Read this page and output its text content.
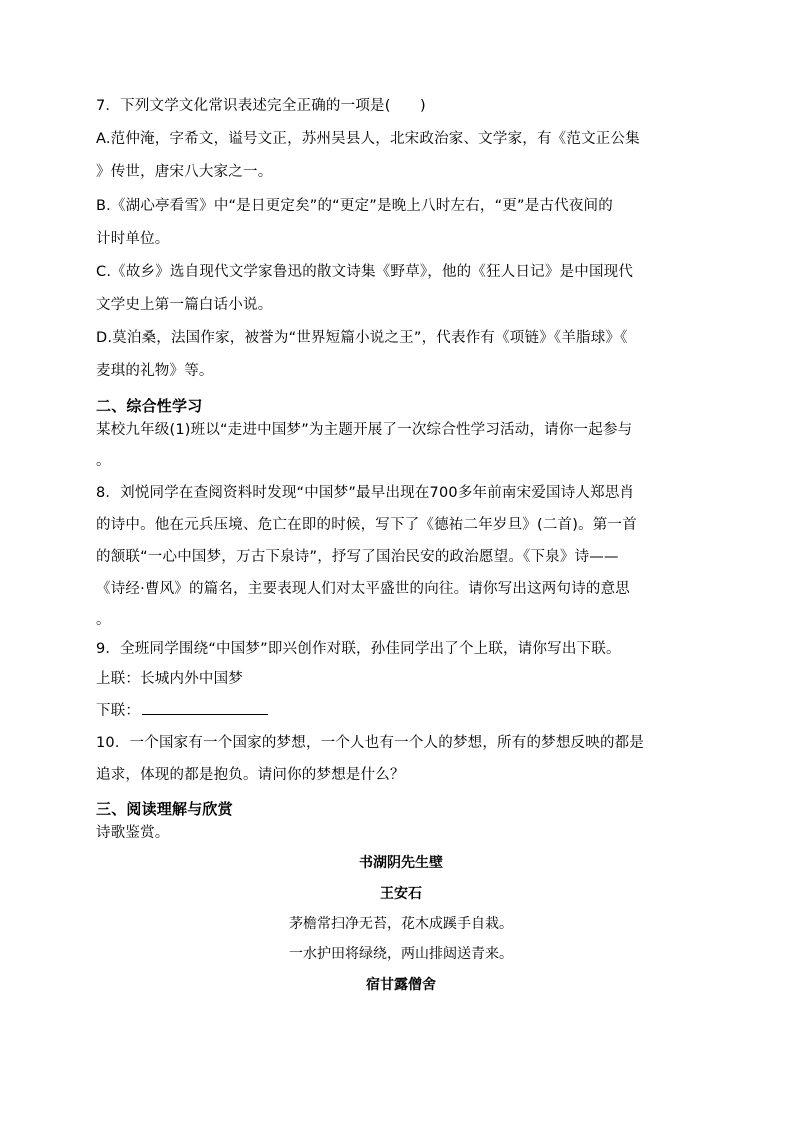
7．下列文学文化常识表述完全正确的一项是(　　)
A.范仲淹，字希文，谥号文正，苏州吴县人，北宋政治家、文学家，有《范文正公集
》传世，唐宋八大家之一。
B.《湖心亭看雪》中“是日更定矣”的“更定”是晚上八时左右，“更”是古代夜间的
计时单位。
C.《故乡》选自现代文学家鲁迅的散文诗集《野草》，他的《狂人日记》是中国现代
文学史上第一篇白话小说。
D.莫泊桑，法国作家，被誉为“世界短篇小说之王”，代表作有《项链》《羊脂球》《
麦琪的礼物》等。
二、综合性学习
某校九年级(1)班以“走进中国梦”为主题开展了一次综合性学习活动，请你一起参与
。
8．刘悦同学在查阅资料时发现“中国梦”最早出现在700多年前南宋爱国诗人郑思肖
的诗中。他在元兵压境、危亡在即的时候，写下了《德祐二年岁旦》(二首)。第一首
的颔联“一心中国梦，万古下泉诗”，抒写了国治民安的政治愿望。《下泉》诗——
《诗经·曹风》的篇名，主要表现人们对太平盛世的向往。请你写出这两句诗的意思
。
9．全班同学围绕“中国梦”即兴创作对联，孙佳同学出了个上联，请你写出下联。
上联：长城内外中国梦
下联：
10．一个国家有一个国家的梦想，一个人也有一个人的梦想，所有的梦想反映的都是
追求，体现的都是抱负。请问你的梦想是什么？
三、阅读理解与欣赏
诗歌鉴赏。
书湖阴先生壁
王安石
茅檐常扫净无苔，花木成蹊手自栽。
一水护田将绿绕，两山排闼送青来。
宿甘露僧舍
